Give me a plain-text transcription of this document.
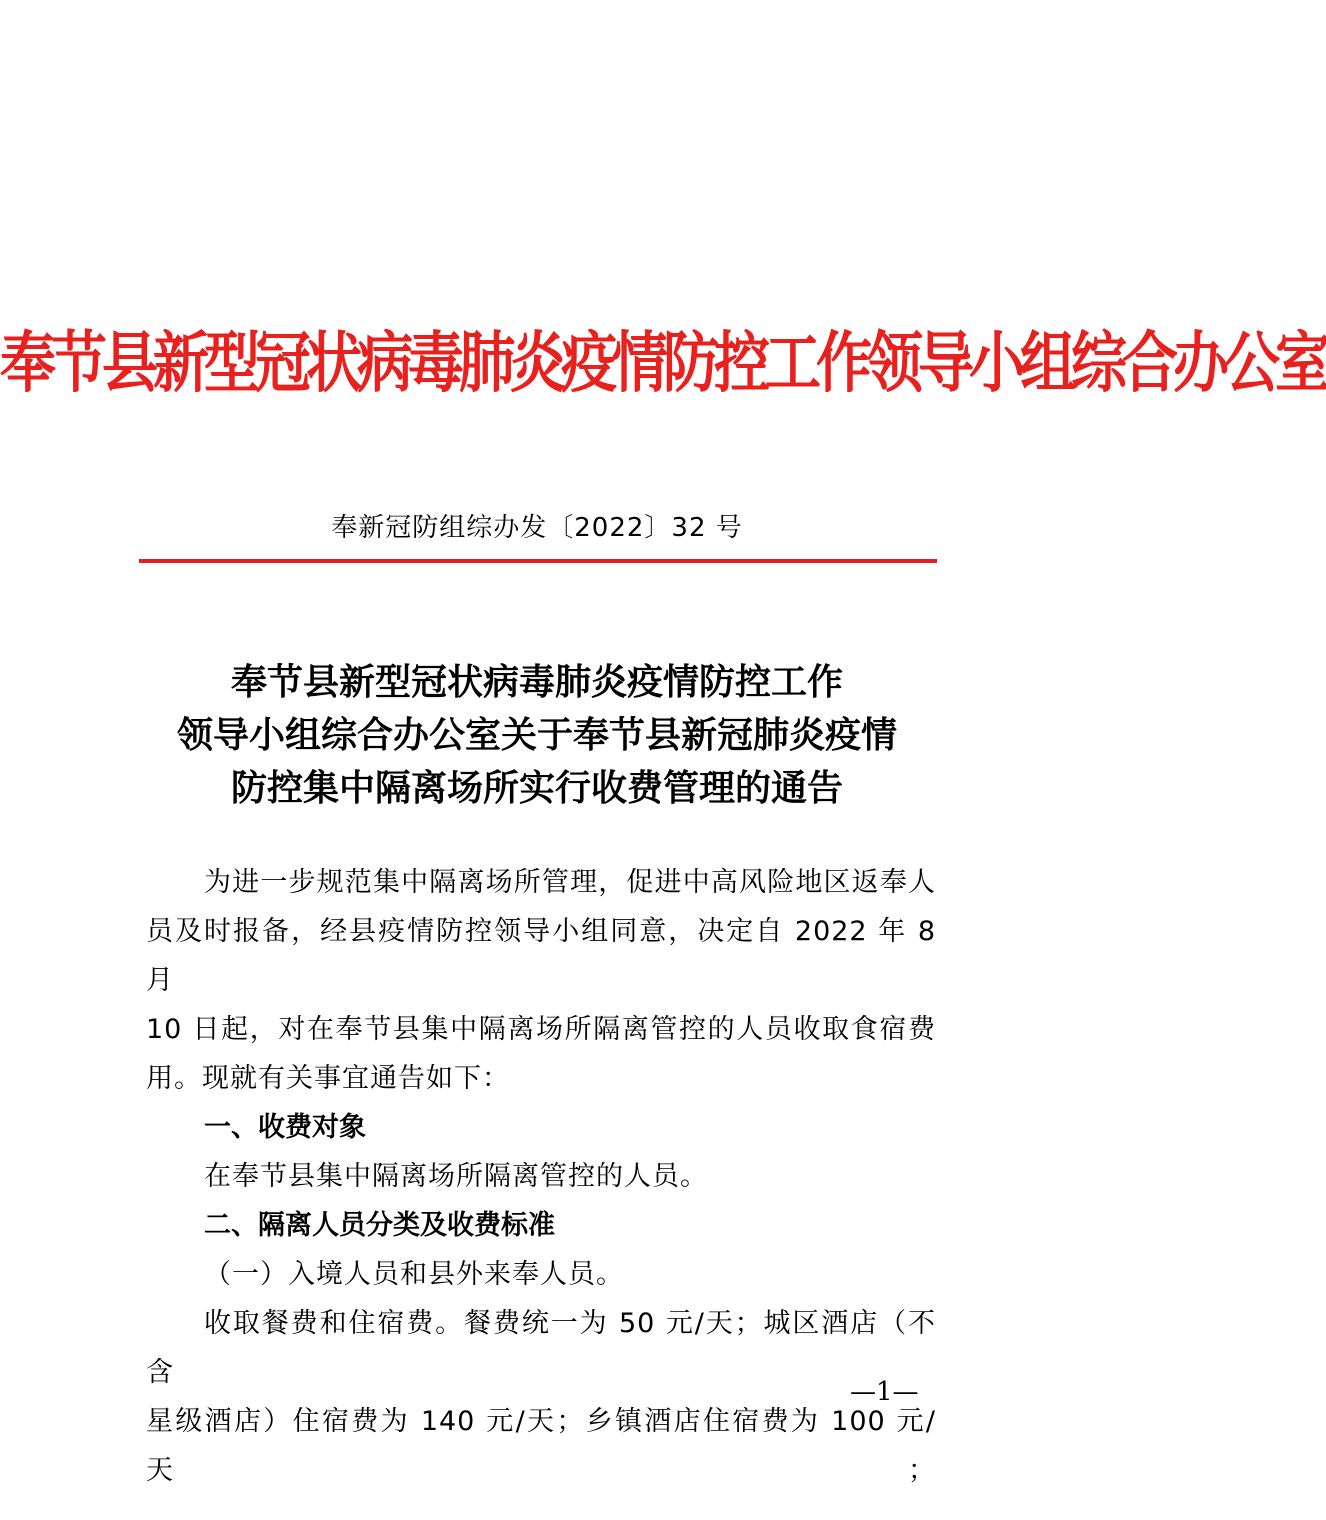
奉节县新型冠状病毒肺炎疫情防控工作领导小组综合办公室
奉新冠防组综办发〔2022〕32 号
奉节县新型冠状病毒肺炎疫情防控工作
领导小组综合办公室关于奉节县新冠肺炎疫情
防控集中隔离场所实行收费管理的通告

为进一步规范集中隔离场所管理，促进中高风险地区返奉人

员及时报备，经县疫情防控领导小组同意，决定自 2022 年 8 月

10 日起，对在奉节县集中隔离场所隔离管控的人员收取食宿费

用。现就有关事宜通告如下：

一、收费对象

在奉节县集中隔离场所隔离管控的人员。

二、隔离人员分类及收费标准

（一）入境人员和县外来奉人员。

收取餐费和住宿费。餐费统一为 50 元/天；城区酒店（不含

星级酒店）住宿费为 140 元/天；乡镇酒店住宿费为 100 元/天；

—1—
